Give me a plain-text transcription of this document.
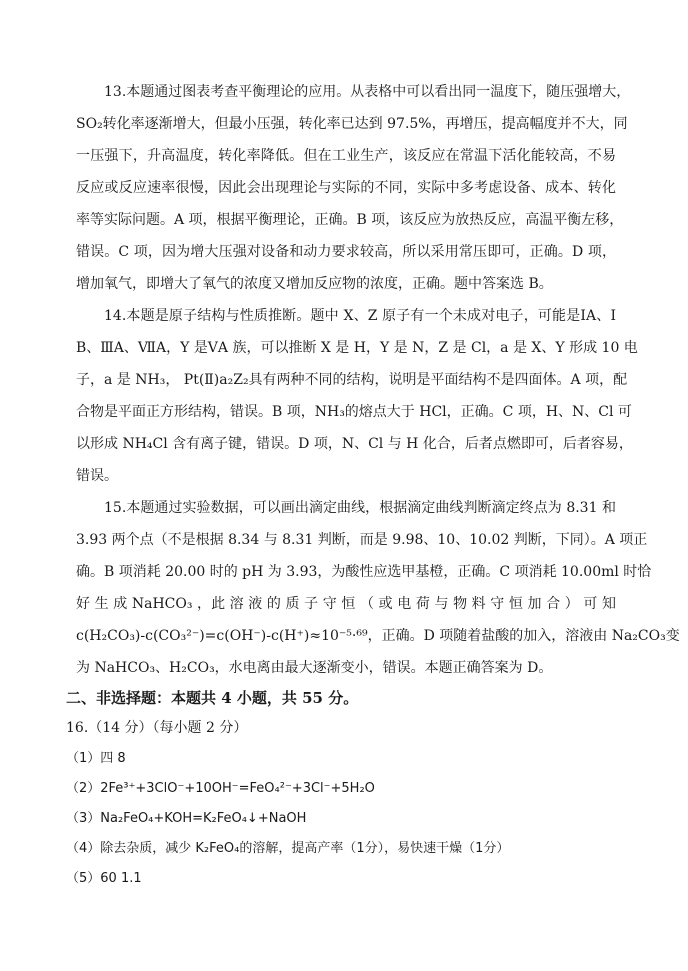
13.本题通过图表考查平衡理论的应用。从表格中可以看出同一温度下，随压强增大，
SO₂转化率逐渐增大，但最小压强，转化率已达到 97.5%，再增压，提高幅度并不大，同
一压强下，升高温度，转化率降低。但在工业生产，该反应在常温下活化能较高，不易
反应或反应速率很慢，因此会出现理论与实际的不同，实际中多考虑设备、成本、转化
率等实际问题。A 项，根据平衡理论，正确。B 项，该反应为放热反应，高温平衡左移，
错误。C 项，因为增大压强对设备和动力要求较高，所以采用常压即可，正确。D 项，
增加氧气，即增大了氧气的浓度又增加反应物的浓度，正确。题中答案选 B。
14.本题是原子结构与性质推断。题中 X、Z 原子有一个未成对电子，可能是ⅠA、Ⅰ
B、ⅢA、ⅦA，Y 是ⅤA 族，可以推断 X 是 H，Y 是 N，Z 是 Cl，a 是 X、Y 形成 10 电
子，a 是 NH₃， Pt(Ⅱ)a₂Z₂具有两种不同的结构，说明是平面结构不是四面体。A 项，配
合物是平面正方形结构，错误。B 项，NH₃的熔点大于 HCl，正确。C 项，H、N、Cl 可
以形成 NH₄Cl 含有离子键，错误。D 项，N、Cl 与 H 化合，后者点燃即可，后者容易，
错误。
15.本题通过实验数据，可以画出滴定曲线，根据滴定曲线判断滴定终点为 8.31 和
3.93 两个点（不是根据 8.34 与 8.31 判断，而是 9.98、10、10.02 判断，下同）。A 项正
确。B 项消耗 20.00 时的 pH 为 3.93，为酸性应选甲基橙，正确。C 项消耗 10.00ml 时恰
好 生 成 NaHCO₃ ，此 溶 液 的 质 子 守 恒 （ 或 电 荷 与 物 料 守 恒 加 合 ） 可 知
c(H₂CO₃)-c(CO₃²⁻)=c(OH⁻)-c(H⁺)≈10⁻⁵·⁶⁹，正确。D 项随着盐酸的加入，溶液由 Na₂CO₃变
为 NaHCO₃、H₂CO₃，水电离由最大逐渐变小，错误。本题正确答案为 D。
二、非选择题：本题共 4 小题，共 55 分。
16.（14 分）（每小题 2 分）
（1）四 8
（2）2Fe³⁺+3ClO⁻+10OH⁻=FeO₄²⁻+3Cl⁻+5H₂O
（3）Na₂FeO₄+KOH=K₂FeO₄↓+NaOH
（4）除去杂质，减少 K₂FeO₄的溶解，提高产率（1分），易快速干燥（1分）
（5）60 1.1
